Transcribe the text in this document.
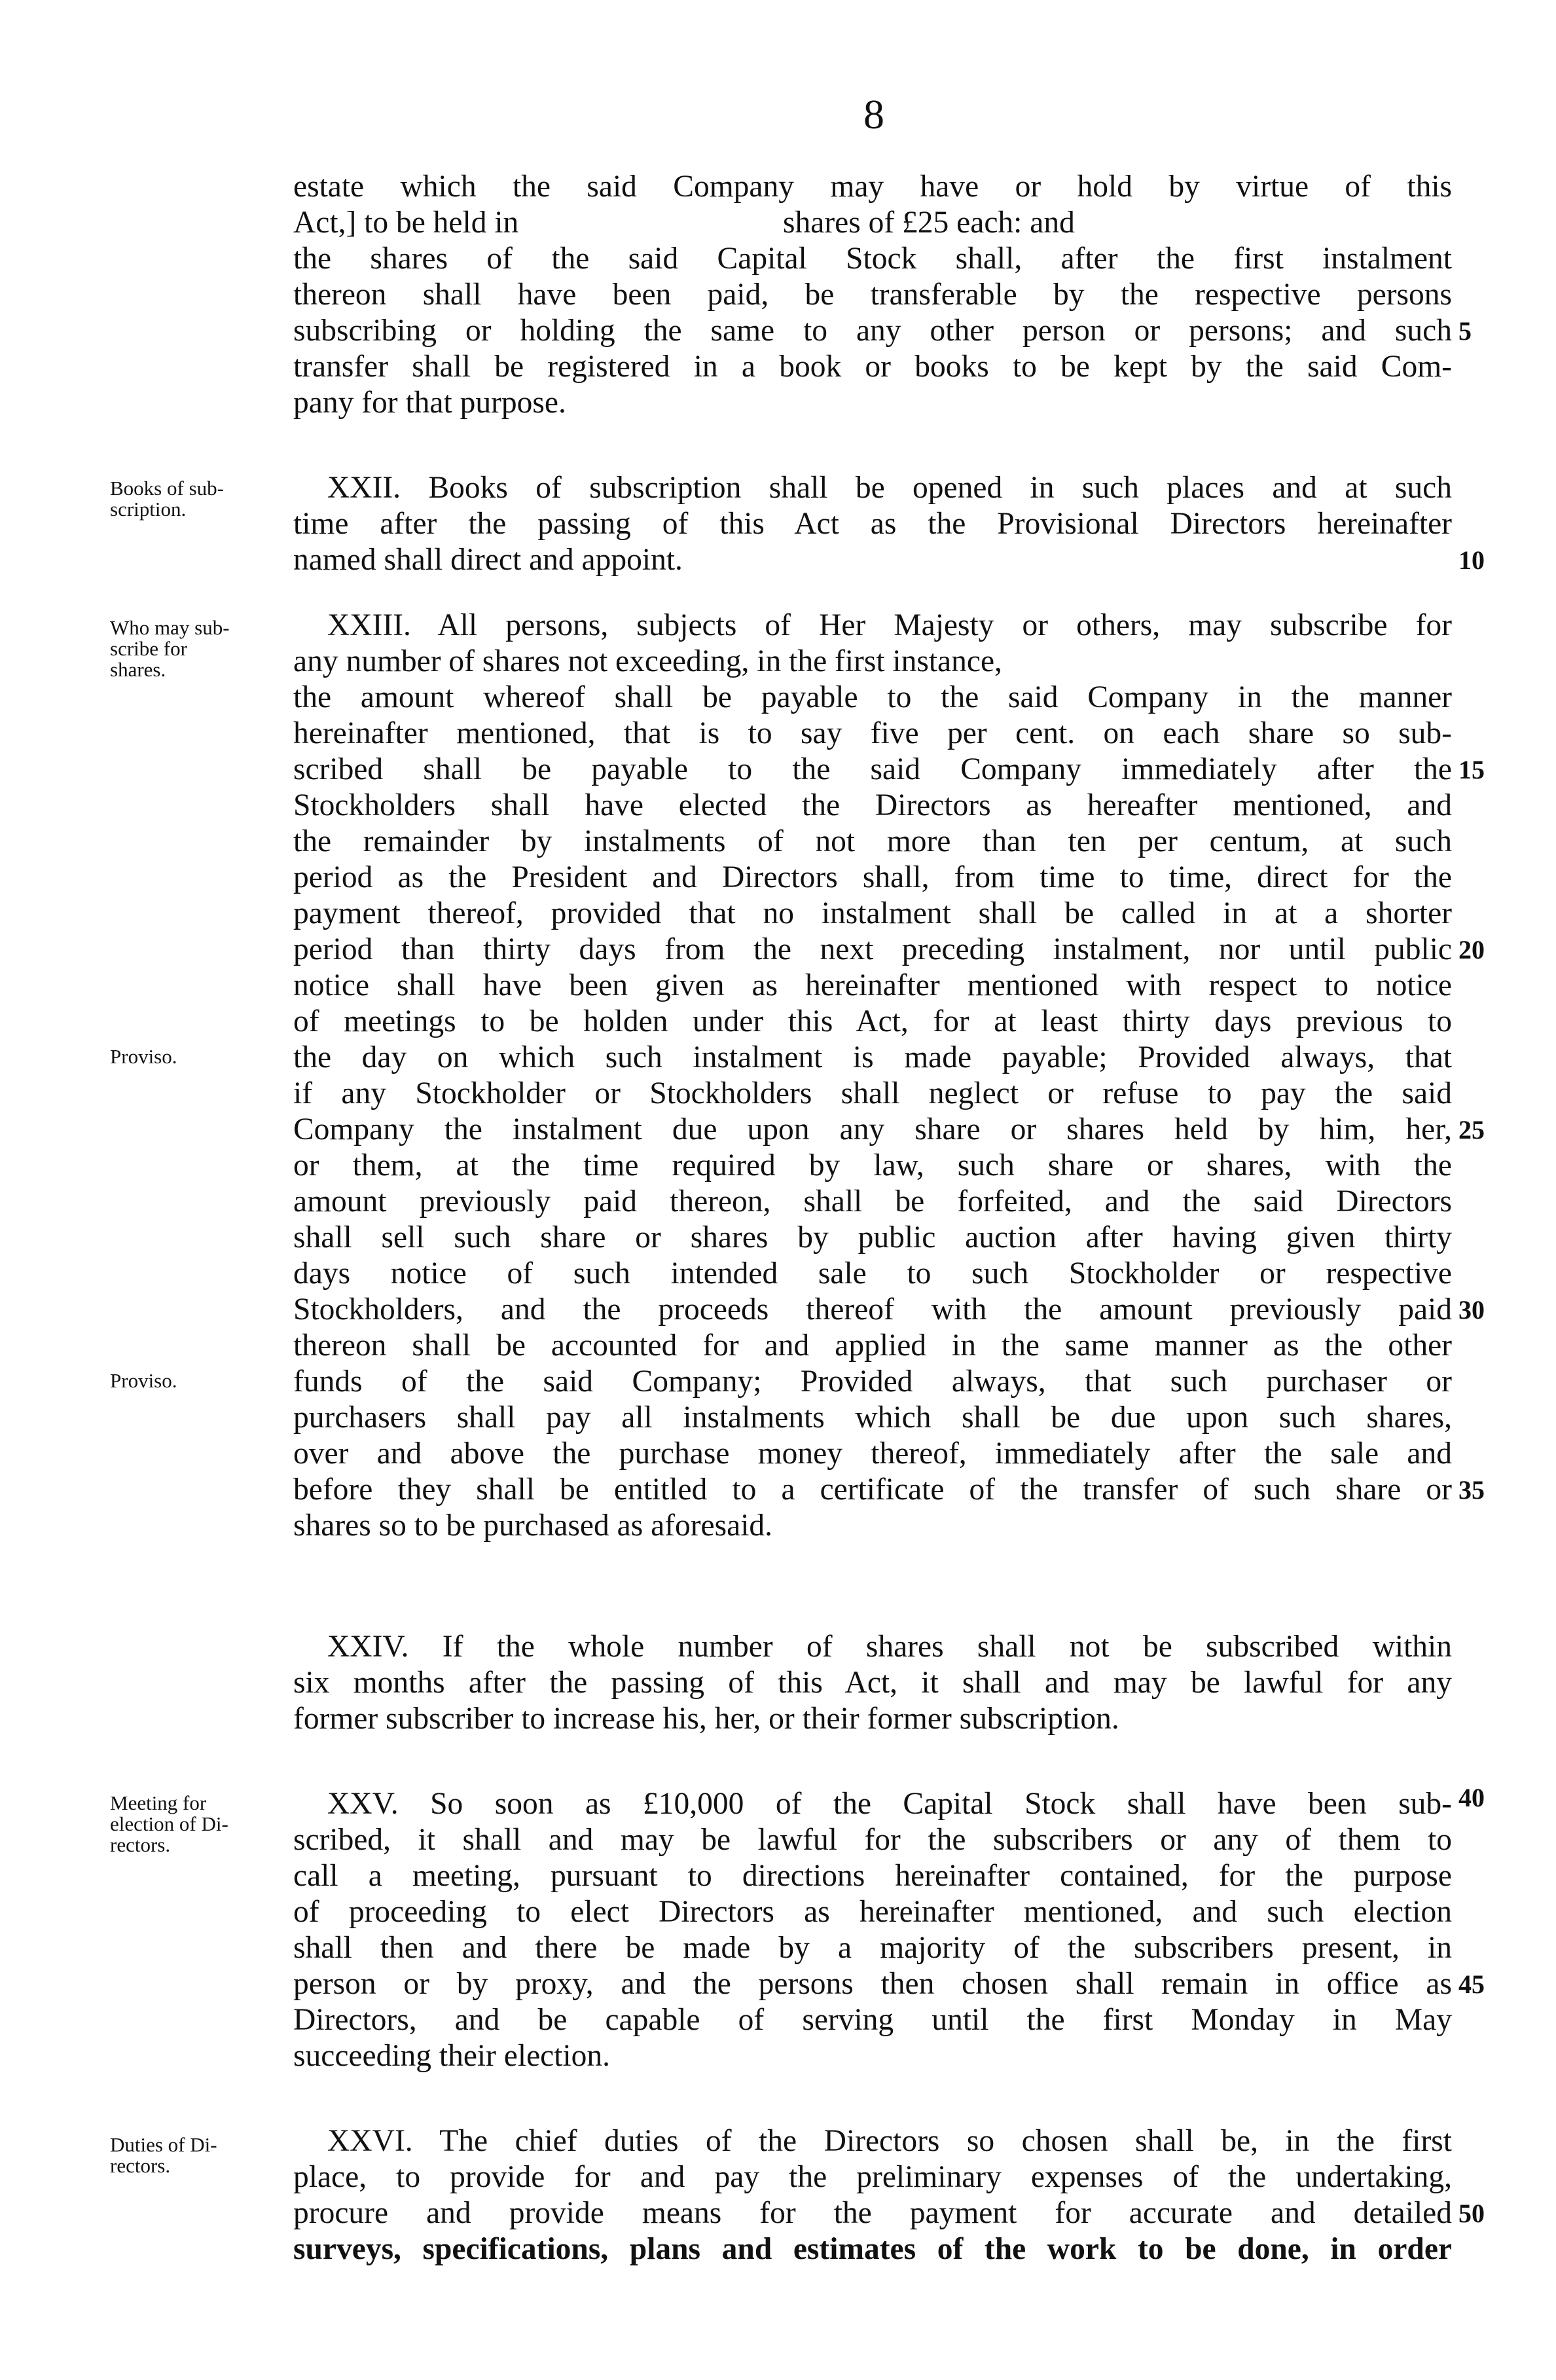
8
estate which the said Company may have or hold by virtue of this
Act,] to be held in                                  shares of £25 each: and
the shares of the said Capital Stock shall, after the first instalment
thereon shall have been paid, be transferable by the respective persons
subscribing or holding the same to any other person or persons; and such
transfer shall be registered in a book or books to be kept by the said Com-
pany for that purpose.
XXII. Books of subscription shall be opened in such places and at such
time after the passing of this Act as the Provisional Directors hereinafter
named shall direct and appoint.
XXIII. All persons, subjects of Her Majesty or others, may subscribe for
any number of shares not exceeding, in the first instance,
the amount whereof shall be payable to the said Company in the manner
hereinafter mentioned, that is to say five per cent. on each share so sub-
scribed shall be payable to the said Company immediately after the
Stockholders shall have elected the Directors as hereafter mentioned, and
the remainder by instalments of not more than ten per centum, at such
period as the President and Directors shall, from time to time, direct for the
payment thereof, provided that no instalment shall be called in at a shorter
period than thirty days from the next preceding instalment, nor until public
notice shall have been given as hereinafter mentioned with respect to notice
of meetings to be holden under this Act, for at least thirty days previous to
the day on which such instalment is made payable; Provided always, that
if any Stockholder or Stockholders shall neglect or refuse to pay the said
Company the instalment due upon any share or shares held by him, her,
or them, at the time required by law, such share or shares, with the
amount previously paid thereon, shall be forfeited, and the said Directors
shall sell such share or shares by public auction after having given thirty
days notice of such intended sale to such Stockholder or respective
Stockholders, and the proceeds thereof with the amount previously paid
thereon shall be accounted for and applied in the same manner as the other
funds of the said Company; Provided always, that such purchaser or
purchasers shall pay all instalments which shall be due upon such shares,
over and above the purchase money thereof, immediately after the sale and
before they shall be entitled to a certificate of the transfer of such share or
shares so to be purchased as aforesaid.
XXIV. If the whole number of shares shall not be subscribed within
six months after the passing of this Act, it shall and may be lawful for any
former subscriber to increase his, her, or their former subscription.
XXV. So soon as £10,000 of the Capital Stock shall have been sub-
scribed, it shall and may be lawful for the subscribers or any of them to
call a meeting, pursuant to directions hereinafter contained, for the purpose
of proceeding to elect Directors as hereinafter mentioned, and such election
shall then and there be made by a majority of the subscribers present, in
person or by proxy, and the persons then chosen shall remain in office as
Directors, and be capable of serving until the first Monday in May
succeeding their election.
XXVI. The chief duties of the Directors so chosen shall be, in the first
place, to provide for and pay the preliminary expenses of the undertaking,
procure and provide means for the payment for accurate and detailed
surveys, specifications, plans and estimates of the work to be done, in order
Books of sub-
scription.
Who may sub-
scribe for
shares.
Proviso.
Proviso.
Meeting for
election of Di-
rectors.
Duties of Di-
rectors.
5
10
15
20
25
30
35
40
45
50
